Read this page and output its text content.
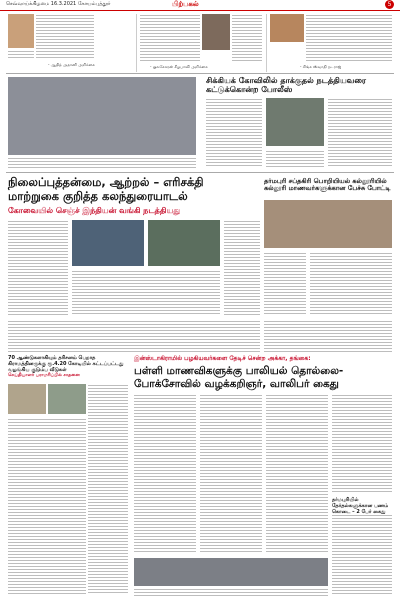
செவ்வாய்க்கிழமை 16.3.2021 கோயம்புத்தூர்	பிற்பகல்	5
- ஆதித் அதானி அறிக்கை	- குலசேகரன் கீழபாவி அறிக்கை	- சிங்க ஸ்வாதி நடராஜ்
சிக்கியக் கோவிலில் தாக்குதல் நடத்தியவரை கட்டுக்கொன்ற போலீஸ்
நிலைப்புத்தன்மை, ஆற்றல் – எரிசக்தி
மாற்றுகை குறித்த கலந்துரையாடல்
கோவையில் செஞ்ச் இந்தியன் வங்கி நடத்தியது
தர்மபுரி சப்தகிரி பொறியியல் கல்லூரியில் கல்லூரி மாணவர்களுக்கான பேச்சு போட்டி
70 ஆண்டுகளாகியும் தரிசனம் பெறாத கிராமத்தினருக்கு ரூ.4.20 கோடியில் கட்டப்பட்டது வழங்கிய குடும்ப வீடுகள்
செய்தியாளர் பராமரிப்பில் சாதனை
இன்ஸ்டாகிராமில் பழகியவர்களை தேடிச் சென்ற அக்கா, தங்கை:
பள்ளி மாணவிகளுக்கு பாலியல் தொல்லை-
போக்சோவில் வழக்கறிஞர், வாலிபர் கைது
தர்மபுரியில் தேர்தல்களுக்கான பணம் கொடை – 2 பேர் கைது
